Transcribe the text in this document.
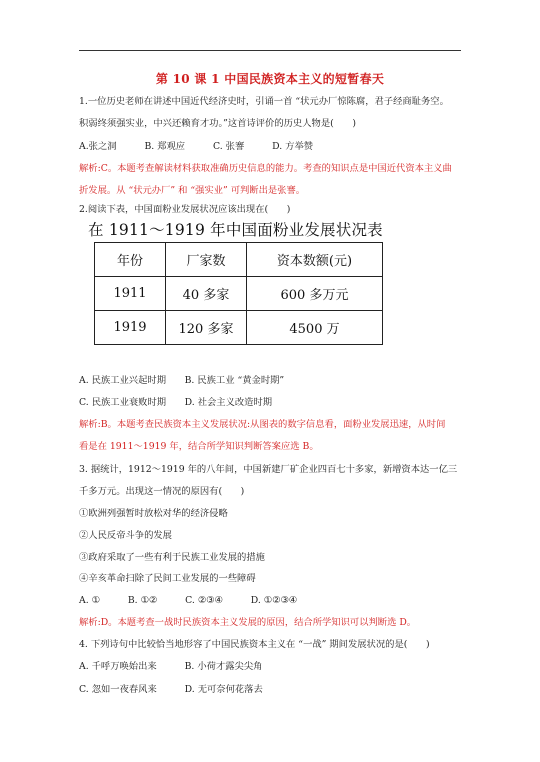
第 10 课 1 中国民族资本主义的短暂春天
1.一位历史老师在讲述中国近代经济史时，引诵一首 “状元办厂惊陈腐，君子经商耻务空。
积弱终须强实业，中兴还赖育才功。”这首诗评价的历史人物是(　　)
A.张之洞　　　B. 郑观应　　　C. 张謇　　　D. 方举赞
解析:C。本题考查解读材料获取准确历史信息的能力。考查的知识点是中国近代资本主义曲
折发展。从 “状元办厂” 和 “强实业” 可判断出是张謇。
2.阅读下表，中国面粉业发展状况应该出现在(　　)
在 1911～1919 年中国面粉业发展状况表
年份	厂家数	资本数额(元)
1911	40 多家	600 多万元
1919	120 多家	4500 万
A. 民族工业兴起时期　　B. 民族工业 “黄金时期”
C. 民族工业衰败时期　　D. 社会主义改造时期
解析:B。本题考查民族资本主义发展状况:从图表的数字信息看，面粉业发展迅速，从时间
看是在 1911～1919 年，结合所学知识判断答案应选 B。
3. 据统计，1912～1919 年的八年间，中国新建厂矿企业四百七十多家，新增资本达一亿三
千多万元。出现这一情况的原因有(　　)
①欧洲列强暂时放松对华的经济侵略
②人民反帝斗争的发展
③政府采取了一些有利于民族工业发展的措施
④辛亥革命扫除了民间工业发展的一些障碍
A. ①　　　B. ①②　　　C. ②③④　　　D. ①②③④
解析:D。本题考查一战时民族资本主义发展的原因，结合所学知识可以判断选 D。
4. 下列诗句中比较恰当地形容了中国民族资本主义在 “一战” 期间发展状况的是(　　)
A. 千呼万唤始出来　　　B. 小荷才露尖尖角
C. 忽如一夜春风来　　　D. 无可奈何花落去
